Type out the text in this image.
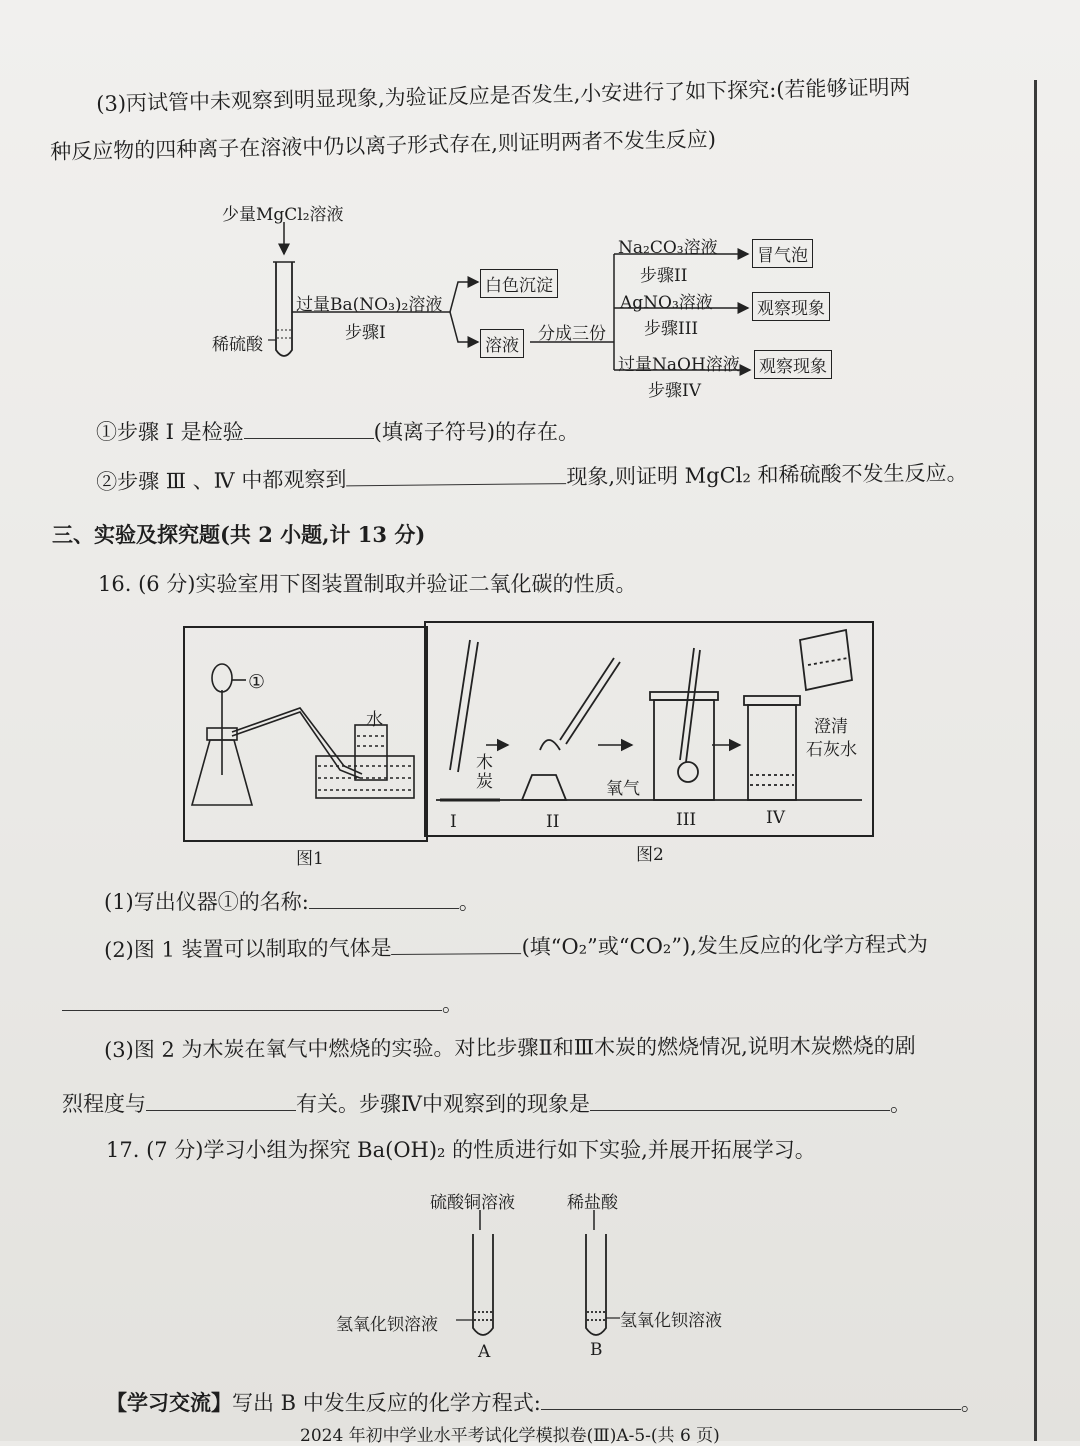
(3)丙试管中未观察到明显现象,为验证反应是否发生,小安进行了如下探究:(若能够证明两
种反应物的四种离子在溶液中仍以离子形式存在,则证明两者不发生反应)
少量MgCl₂溶液
稀硫酸
过量Ba(NO₃)₂溶液
步骤I
白色沉淀
溶液
分成三份
Na₂CO₃溶液
步骤II
冒气泡
AgNO₃溶液
步骤III
观察现象
过量NaOH溶液
步骤IV
观察现象
①步骤 I 是检验	(填离子符号)的存在。
②步骤 Ⅲ 、Ⅳ 中都观察到	现象,则证明 MgCl₂ 和稀硫酸不发生反应。
三、实验及探究题(共 2 小题,计 13 分)
16. (6 分)实验室用下图装置制取并验证二氧化碳的性质。
①
水
图1
木炭	氧气
澄清
石灰水
I	II	III	IV
图2
(1)写出仪器①的名称:	。
(2)图 1 装置可以制取的气体是	(填“O₂”或“CO₂”),发生反应的化学方程式为
。
(3)图 2 为木炭在氧气中燃烧的实验。对比步骤Ⅱ和Ⅲ木炭的燃烧情况,说明木炭燃烧的剧
烈程度与	有关。步骤Ⅳ中观察到的现象是	。
17. (7 分)学习小组为探究 Ba(OH)₂ 的性质进行如下实验,并展开拓展学习。
硫酸铜溶液	稀盐酸
氢氧化钡溶液	氢氧化钡溶液
A	B
【学习交流】写出 B 中发生反应的化学方程式:	。
2024 年初中学业水平考试化学模拟卷(Ⅲ)A-5-(共 6 页)
